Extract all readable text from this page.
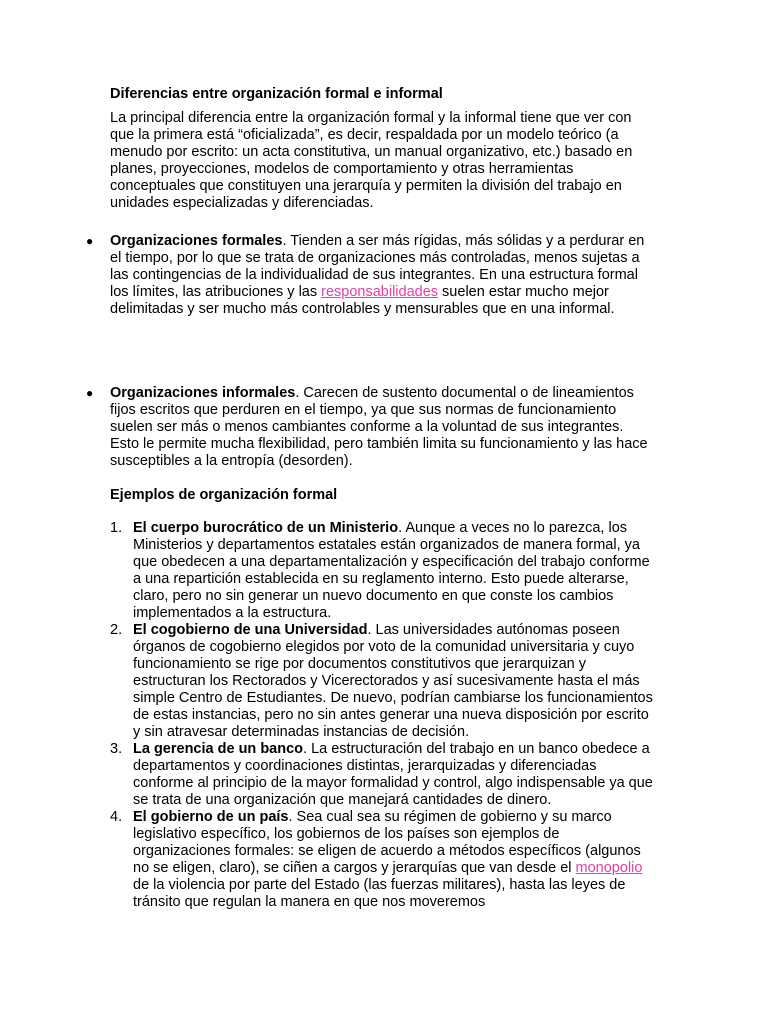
Diferencias entre organización formal e informal
La principal diferencia entre la organización formal y la informal tiene que ver con que la primera está “oficializada”, es decir, respaldada por un modelo teórico (a menudo por escrito: un acta constitutiva, un manual organizativo, etc.) basado en planes, proyecciones, modelos de comportamiento y otras herramientas conceptuales que constituyen una jerarquía y permiten la división del trabajo en unidades especializadas y diferenciadas.
● Organizaciones formales. Tienden a ser más rígidas, más sólidas y a perdurar en el tiempo, por lo que se trata de organizaciones más controladas, menos sujetas a las contingencias de la individualidad de sus integrantes. En una estructura formal los límites, las atribuciones y las responsabilidades suelen estar mucho mejor delimitadas y ser mucho más controlables y mensurables que en una informal.
● Organizaciones informales. Carecen de sustento documental o de lineamientos fijos escritos que perduren en el tiempo, ya que sus normas de funcionamiento suelen ser más o menos cambiantes conforme a la voluntad de sus integrantes. Esto le permite mucha flexibilidad, pero también limita su funcionamiento y las hace susceptibles a la entropía (desorden).
Ejemplos de organización formal
1. El cuerpo burocrático de un Ministerio. Aunque a veces no lo parezca, los Ministerios y departamentos estatales están organizados de manera formal, ya que obedecen a una departamentalización y especificación del trabajo conforme a una repartición establecida en su reglamento interno. Esto puede alterarse, claro, pero no sin generar un nuevo documento en que conste los cambios implementados a la estructura.
2. El cogobierno de una Universidad. Las universidades autónomas poseen órganos de cogobierno elegidos por voto de la comunidad universitaria y cuyo funcionamiento se rige por documentos constitutivos que jerarquizan y estructuran los Rectorados y Vicerectorados y así sucesivamente hasta el más simple Centro de Estudiantes. De nuevo, podrían cambiarse los funcionamientos de estas instancias, pero no sin antes generar una nueva disposición por escrito y sin atravesar determinadas instancias de decisión.
3. La gerencia de un banco. La estructuración del trabajo en un banco obedece a departamentos y coordinaciones distintas, jerarquizadas y diferenciadas conforme al principio de la mayor formalidad y control, algo indispensable ya que se trata de una organización que manejará cantidades de dinero.
4. El gobierno de un país. Sea cual sea su régimen de gobierno y su marco legislativo específico, los gobiernos de los países son ejemplos de organizaciones formales: se eligen de acuerdo a métodos específicos (algunos no se eligen, claro), se ciñen a cargos y jerarquías que van desde el monopolio de la violencia por parte del Estado (las fuerzas militares), hasta las leyes de tránsito que regulan la manera en que nos moveremos
